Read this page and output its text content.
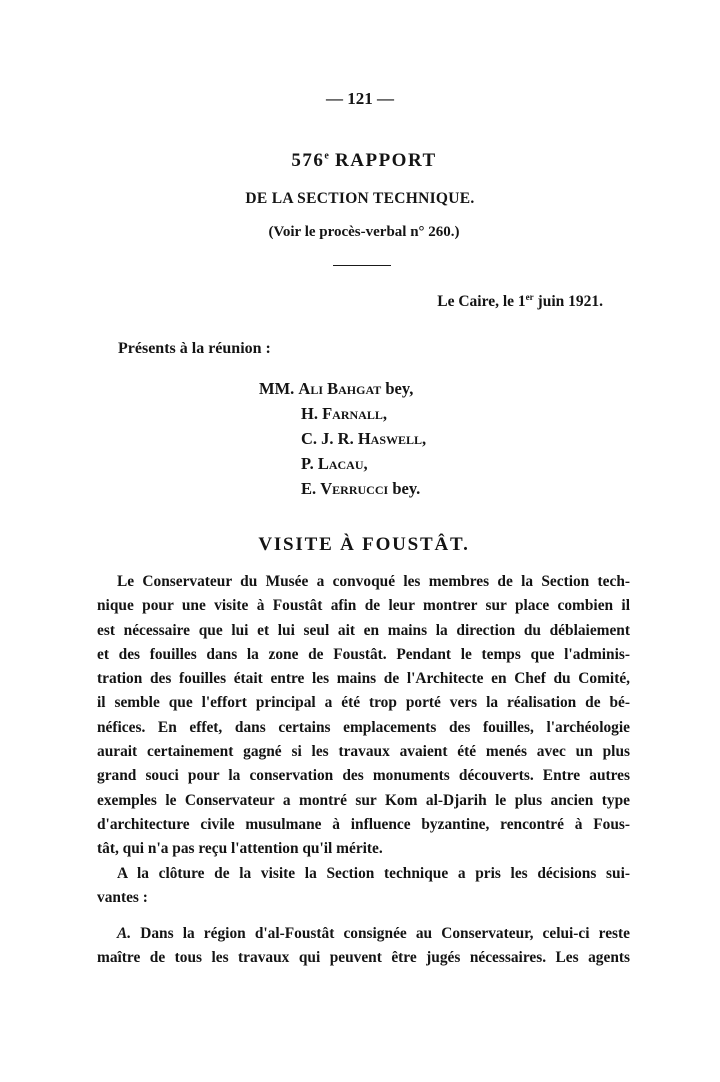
— 121 —
576e RAPPORT
DE LA SECTION TECHNIQUE.
(Voir le procès-verbal n° 260.)
Le Caire, le 1er juin 1921.
Présents à la réunion :
MM. Ali Bahgat bey,
H. Farnall,
C. J. R. Haswell,
P. Lacau,
E. Verrucci bey.
VISITE À FOUSTÂT.

Le Conservateur du Musée a convoqué les membres de la Section tech-
nique pour une visite à Foustât afin de leur montrer sur place combien il
est nécessaire que lui et lui seul ait en mains la direction du déblaiement
et des fouilles dans la zone de Foustât. Pendant le temps que l'adminis-
tration des fouilles était entre les mains de l'Architecte en Chef du Comité,
il semble que l'effort principal a été trop porté vers la réalisation de bé-
néfices. En effet, dans certains emplacements des fouilles, l'archéologie
aurait certainement gagné si les travaux avaient été menés avec un plus
grand souci pour la conservation des monuments découverts. Entre autres
exemples le Conservateur a montré sur Kom al-Djarih le plus ancien type
d'architecture civile musulmane à influence byzantine, rencontré à Fous-
tât, qui n'a pas reçu l'attention qu'il mérite.

A la clôture de la visite la Section technique a pris les décisions sui-
vantes :

A. Dans la région d'al-Foustât consignée au Conservateur, celui-ci reste
maître de tous les travaux qui peuvent être jugés nécessaires. Les agents
